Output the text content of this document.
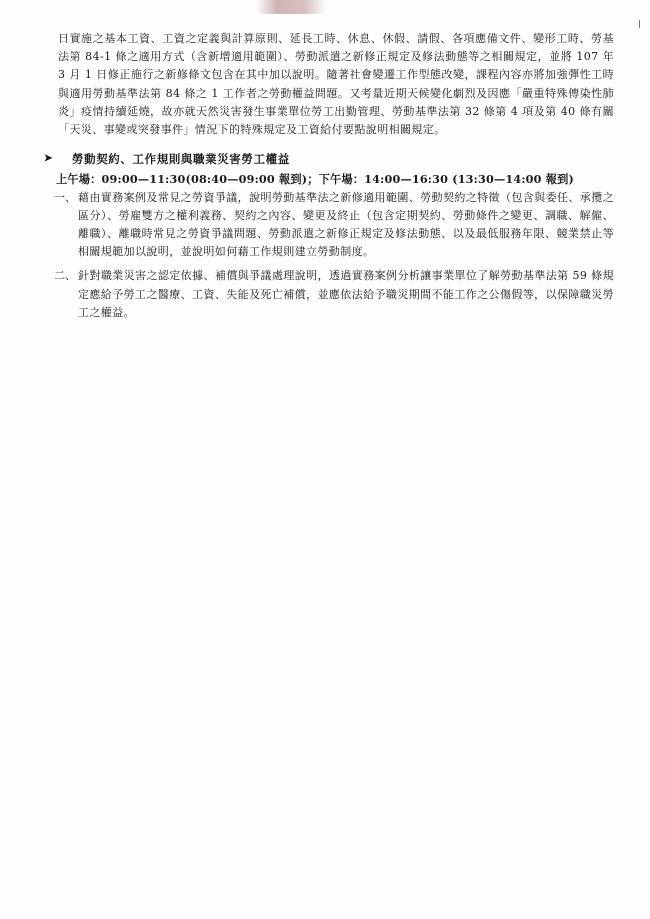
日實施之基本工資、工資之定義與計算原則、延長工時、休息、休假、請假、各項應備文件、變形工時、勞基法第 84-1 條之適用方式（含新增適用範圍）、勞動派遣之新修正規定及修法動態等之相關規定，並將 107 年 3 月 1 日修正施行之新修條文包含在其中加以說明。隨著社會變遷工作型態改變，課程內容亦將加強彈性工時與適用勞動基準法第 84 條之 1 工作者之勞動權益問題。又考量近期天候變化劇烈及因應「嚴重特殊傳染性肺炎」疫情持續延燒，故亦就天然災害發生事業單位勞工出勤管理、勞動基準法第 32 條第 4 項及第 40 條有關「天災、事變或突發事件」情況下的特殊規定及工資給付要點說明相關規定。

➤	勞動契約、工作規則與職業災害勞工權益
上午場：09:00—11:30(08:40—09:00 報到)；下午場：14:00—16:30 (13:30—14:00 報到)
一、 藉由實務案例及常見之勞資爭議，說明勞動基準法之新修適用範圍、勞動契約之特徵（包含與委任、承攬之區分）、勞雇雙方之權利義務、契約之內容、變更及終止（包含定期契約、勞動條件之變更、調職、解僱、離職）、離職時常見之勞資爭議問題、勞動派遣之新修正規定及修法動態、以及最低服務年限、競業禁止等相關規範加以說明，並說明如何藉工作規則建立勞動制度。
二、 針對職業災害之認定依據、補償與爭議處理說明，透過實務案例分析讓事業單位了解勞動基準法第 59 條規定應給予勞工之醫療、工資、失能及死亡補償，並應依法給予職災期間不能工作之公傷假等，以保障職災勞工之權益。
